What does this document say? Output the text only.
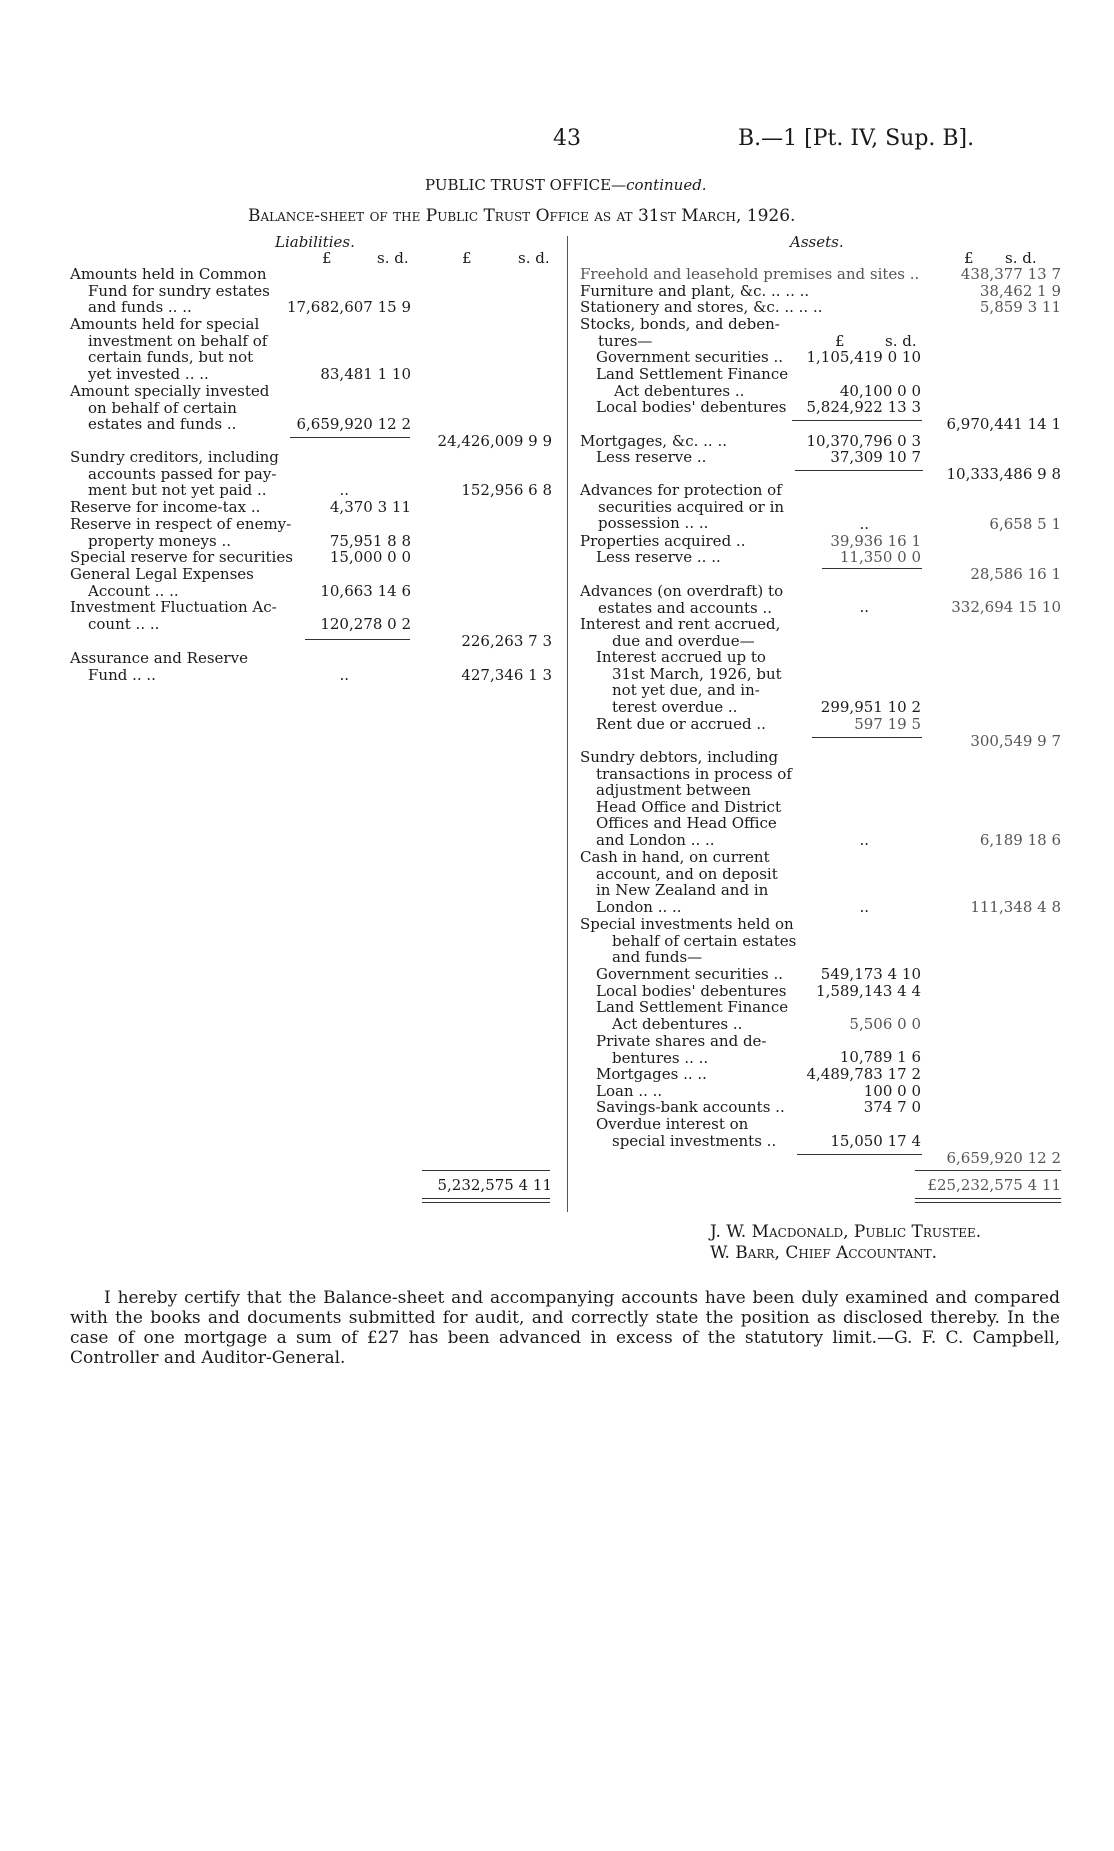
43	B.—1 [Pt. IV, Sup. B].
PUBLIC TRUST OFFICE—continued.
Balance-sheet of the Public Trust Office as at 31st March, 1926.
Liabilities.
£	s. d.	£	s. d.
Amounts held in Common
Fund for sundry estates
and funds .. ..	17,682,607 15 9
Amounts held for special
investment on behalf of
certain funds, but not
yet invested .. ..	83,481 1 10
Amount specially invested
on behalf of certain
estates and funds ..	6,659,920 12 2
24,426,009 9 9
Sundry creditors, including
accounts passed for pay-
ment but not yet paid ..	..	152,956 6 8
Reserve for income-tax ..	4,370 3 11
Reserve in respect of enemy-
property moneys ..	75,951 8 8
Special reserve for securities 15,000 0 0
General Legal Expenses
Account .. ..	10,663 14 6
Investment Fluctuation Ac-
count .. ..	120,278 0 2
226,263 7 3
Assurance and Reserve
Fund .. ..	..	427,346 1 3
5,232,575 4 11
Assets.
£ s. d.
Freehold and leasehold premises and sites ..	438,377 13 7
Furniture and plant, &c. .. .. ..	38,462 1 9
Stationery and stores, &c. .. .. ..	5,859 3 11
Stocks, bonds, and deben-
tures—	£	s. d.
Government securities .. 1,105,419 0 10
Land Settlement Finance
Act debentures ..	40,100 0 0
Local bodies' debentures 5,824,922 13 3
6,970,441 14 1
Mortgages, &c. .. ..	10,370,796 0 3
Less reserve ..	37,309 10 7
10,333,486 9 8
Advances for protection of
securities acquired or in
possession .. ..	..	6,658 5 1
Properties acquired ..	39,936 16 1
Less reserve .. ..	11,350 0 0
28,586 16 1
Advances (on overdraft) to
estates and accounts ..	..	332,694 15 10
Interest and rent accrued,
due and overdue—
Interest accrued up to
31st March, 1926, but
not yet due, and in-
terest overdue ..	299,951 10 2
Rent due or accrued ..	597 19 5
300,549 9 7
Sundry debtors, including
transactions in process of
adjustment between
Head Office and District
Offices and Head Office
and London .. ..	..	6,189 18 6
Cash in hand, on current
account, and on deposit
in New Zealand and in
London .. ..	..	111,348 4 8
Special investments held on
behalf of certain estates
and funds—
Government securities ..	549,173 4 10
Local bodies' debentures 1,589,143 4 4
Land Settlement Finance
Act debentures ..	5,506 0 0
Private shares and de-
bentures .. ..	10,789 1 6
Mortgages .. ..	4,489,783 17 2
Loan .. ..	100 0 0
Savings-bank accounts ..	374 7 0
Overdue interest on
special investments ..	15,050 17 4
6,659,920 12 2
£25,232,575 4 11
J. W. Macdonald, Public Trustee.
W. Barr, Chief Accountant.
I hereby certify that the Balance-sheet and accompanying accounts have been duly examined and compared with the books and documents submitted for audit, and correctly state the position as disclosed thereby. In the case of one mortgage a sum of £27 has been advanced in excess of the statutory limit.—G. F. C. Campbell, Controller and Auditor-General.
